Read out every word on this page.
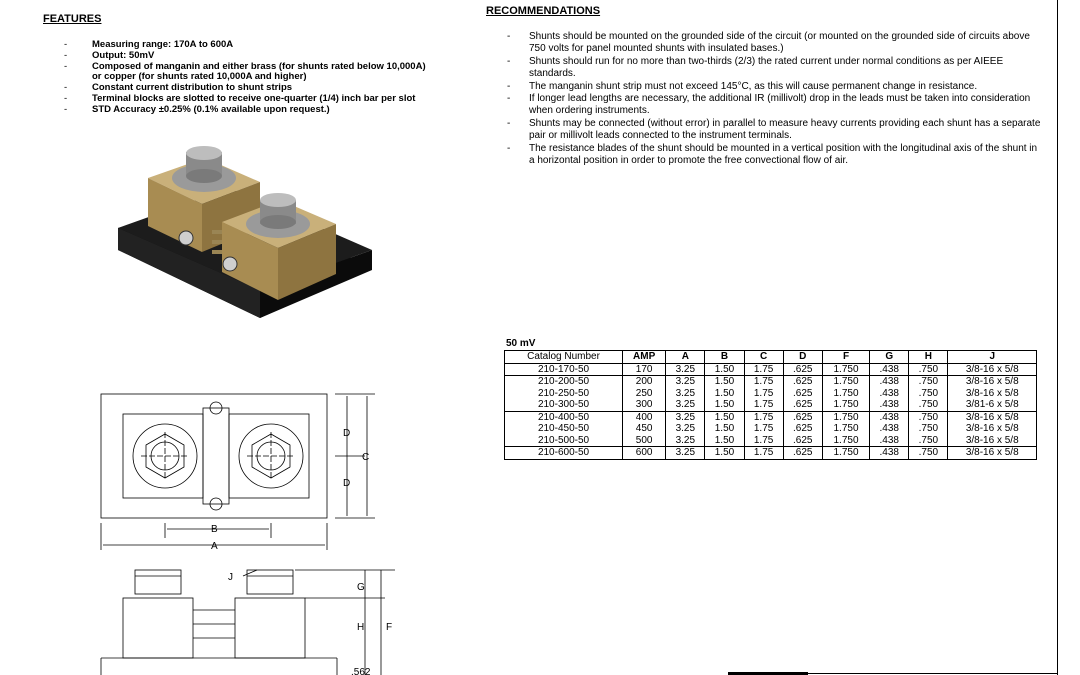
FEATURES
- Measuring range: 170A to 600A
- Output: 50mV
- Composed of manganin and either brass (for shunts rated below 10,000A)
or copper (for shunts rated 10,000A and higher)
- Constant current distribution to shunt strips
- Terminal blocks are slotted to receive one-quarter (1/4) inch bar per slot
- STD Accuracy ±0.25% (0.1% available upon request.)
RECOMMENDATIONS
- Shunts should be mounted on the grounded side of the circuit (or mounted on the grounded side of circuits above 750 volts for panel mounted shunts with insulated bases.)
- Shunts should run for no more than two-thirds (2/3) the rated current under normal conditions as per AIEEE standards.
- The manganin shunt strip must not exceed 145°C, as this will cause permanent change in resistance.
- If longer lead lengths are necessary, the additional IR (millivolt) drop in the leads must be taken into consideration when ordering instruments.
- Shunts may be connected (without error) in parallel to measure heavy currents providing each shunt has a separate pair or millivolt leads connected to the instrument terminals.
- The resistance blades of the shunt should be mounted in a vertical position with the longitudinal axis of the shunt in a horizontal position in order to promote the free convectional flow of air.
D
D
C
B
A
J
G
H F
.562
50 mV
Catalog Number	AMP	A	B	C	D	F	G	H	J
210-170-50	170	3.25	1.50	1.75	.625	1.750	.438	.750	3/8-16 x 5/8
210-200-50	200	3.25	1.50	1.75	.625	1.750	.438	.750	3/8-16 x 5/8
210-250-50	250	3.25	1.50	1.75	.625	1.750	.438	.750	3/8-16 x 5/8
210-300-50	300	3.25	1.50	1.75	.625	1.750	.438	.750	3/81-6 x 5/8
210-400-50	400	3.25	1.50	1.75	.625	1.750	.438	.750	3/8-16 x 5/8
210-450-50	450	3.25	1.50	1.75	.625	1.750	.438	.750	3/8-16 x 5/8
210-500-50	500	3.25	1.50	1.75	.625	1.750	.438	.750	3/8-16 x 5/8
210-600-50	600	3.25	1.50	1.75	.625	1.750	.438	.750	3/8-16 x 5/8
